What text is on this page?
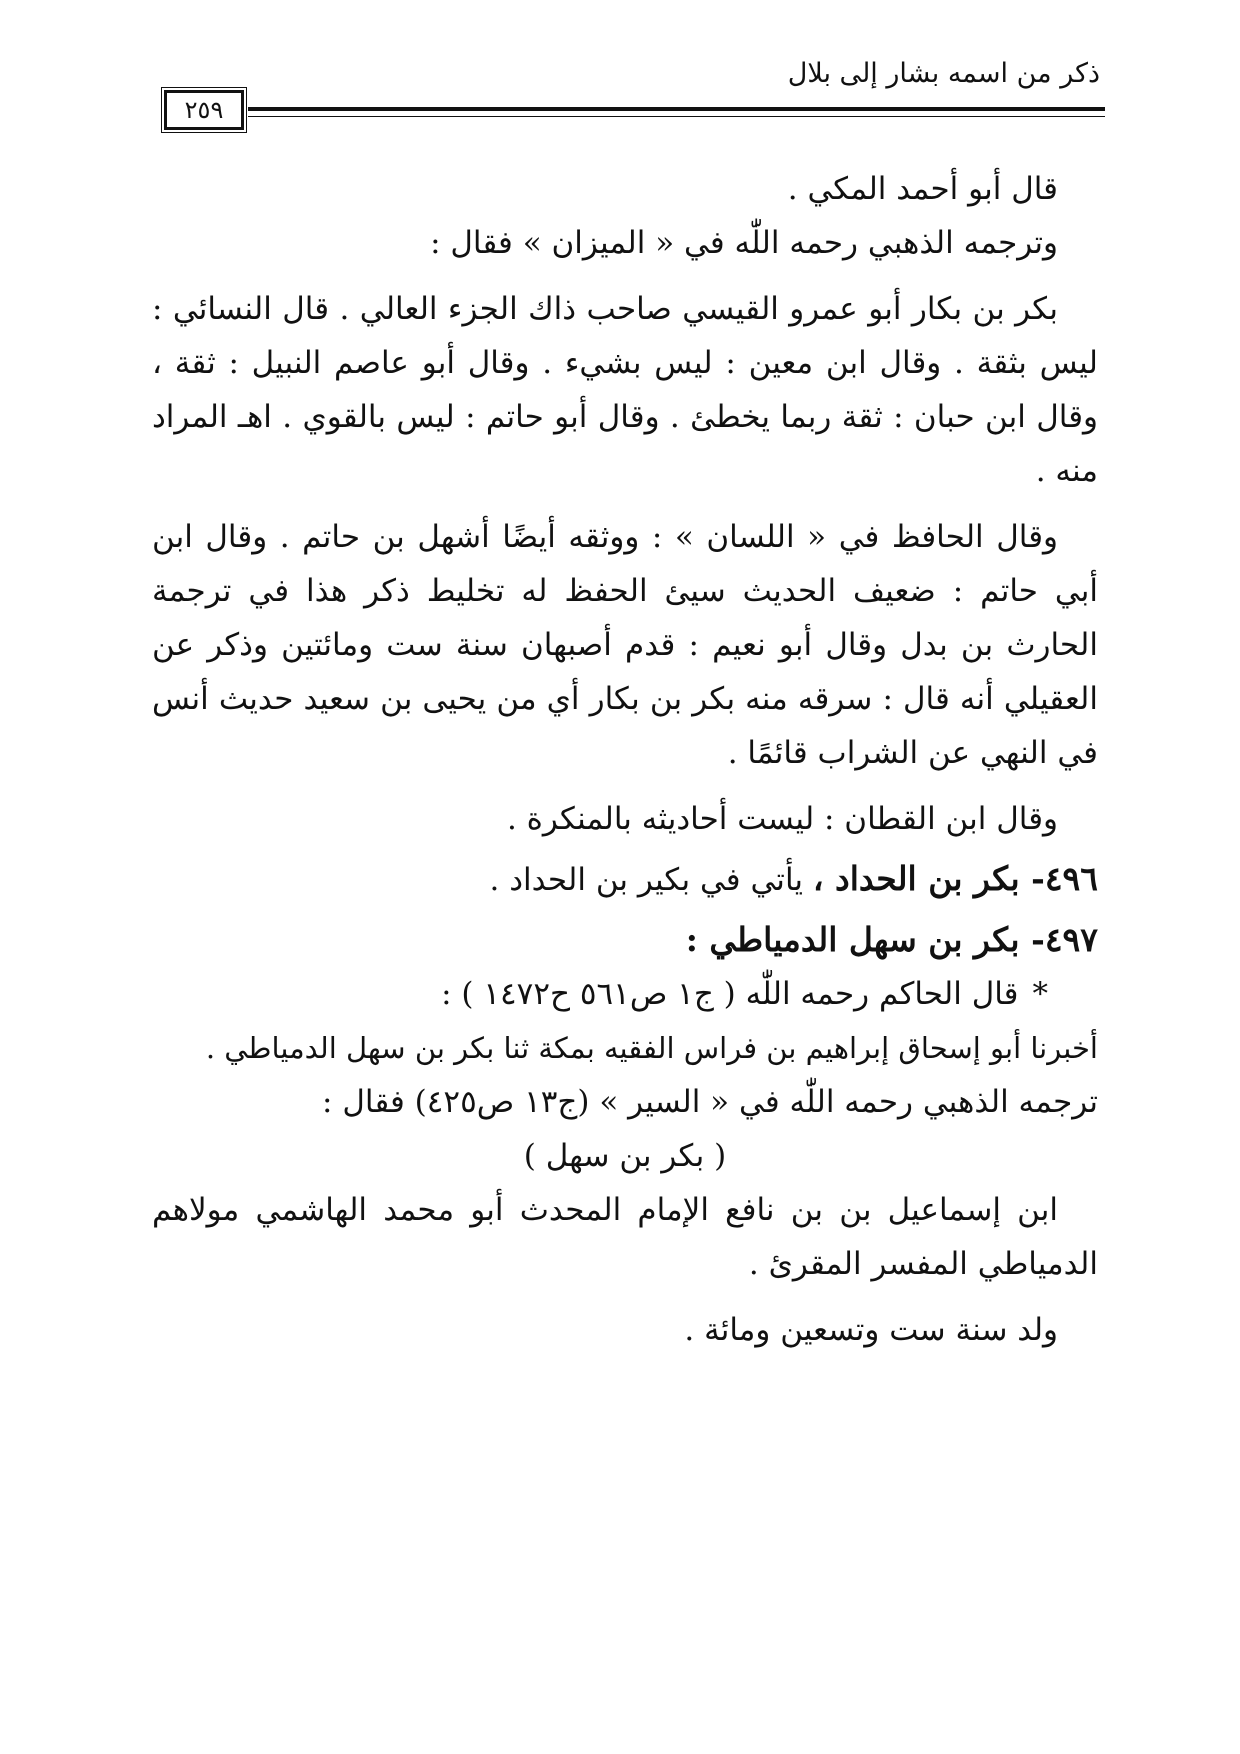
ذكر من اسمه بشار إلى بلال
٢٥٩

قال أبو أحمد المكي .

وترجمه الذهبي رحمه اللّٰه في « الميزان » فقال :

بكر بن بكار أبو عمرو القيسي صاحب ذاك الجزء العالي . قال النسائي : ليس بثقة . وقال ابن معين : ليس بشيء . وقال أبو عاصم النبيل : ثقة ، وقال ابن حبان : ثقة ربما يخطئ . وقال أبو حاتم : ليس بالقوي . اهـ المراد منه .

وقال الحافظ في « اللسان » : ووثقه أيضًا أشهل بن حاتم . وقال ابن أبي حاتم : ضعيف الحديث سيئ الحفظ له تخليط ذكر هذا في ترجمة الحارث بن بدل وقال أبو نعيم : قدم أصبهان سنة ست ومائتين وذكر عن العقيلي أنه قال : سرقه منه بكر بن بكار أي من يحيى بن سعيد حديث أنس في النهي عن الشراب قائمًا .

وقال ابن القطان : ليست أحاديثه بالمنكرة .

٤٩٦- بكر بن الحداد ، يأتي في بكير بن الحداد .

٤٩٧- بكر بن سهل الدمياطي :

*قال الحاكم رحمه اللّٰه ( ج١ ص٥٦١ ح١٤٧٢ ) :

أخبرنا أبو إسحاق إبراهيم بن فراس الفقيه بمكة ثنا بكر بن سهل الدمياطي .

ترجمه الذهبي رحمه اللّٰه في « السير » (ج١٣ ص٤٢٥) فقال :

( بكر بن سهل )

ابن إسماعيل بن بن نافع الإمام المحدث أبو محمد الهاشمي مولاهم الدمياطي المفسر المقرئ .

ولد سنة ست وتسعين ومائة .
